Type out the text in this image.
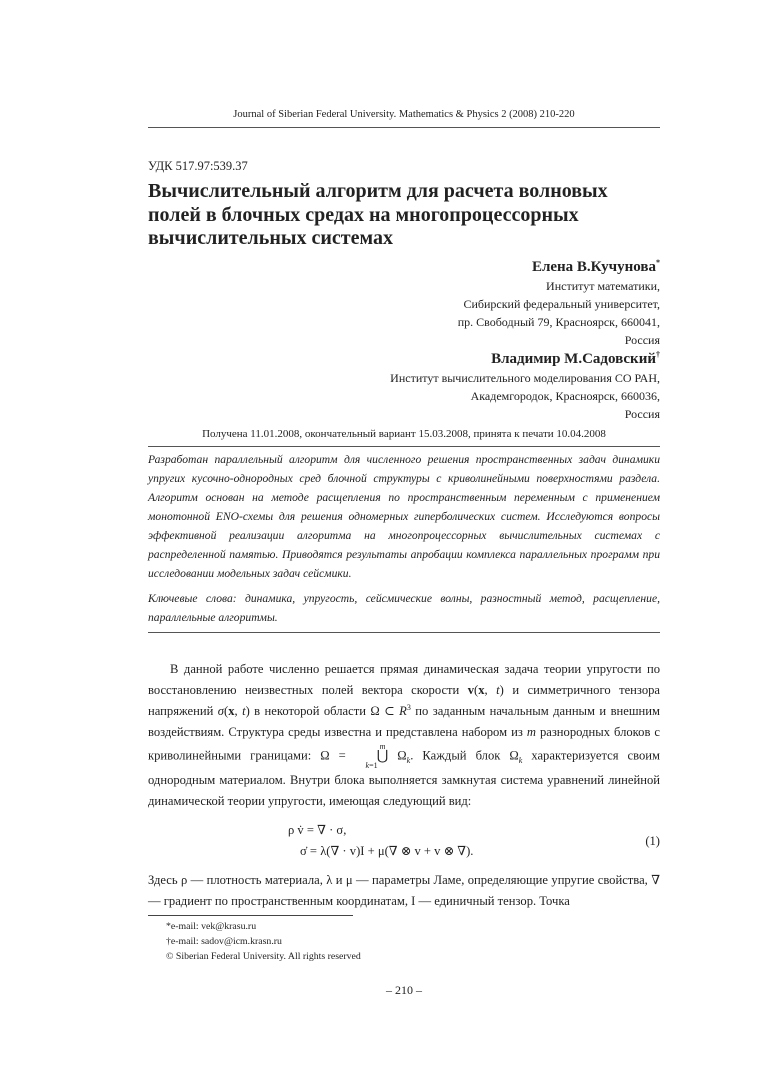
Journal of Siberian Federal University. Mathematics & Physics 2 (2008) 210-220
УДК 517.97:539.37
Вычислительный алгоритм для расчета волновых полей в блочных средах на многопроцессорных вычислительных системах
Елена В.Кучунова*
Институт математики,
Сибирский федеральный университет,
пр. Свободный 79, Красноярск, 660041,
Россия
Владимир М.Садовский†
Институт вычислительного моделирования СО РАН,
Академгородок, Красноярск, 660036,
Россия
Получена 11.01.2008, окончательный вариант 15.03.2008, принята к печати 10.04.2008
Разработан параллельный алгоритм для численного решения пространственных задач динамики упругих кусочно-однородных сред блочной структуры с криволинейными поверхностями раздела. Алгоритм основан на методе расщепления по пространственным переменным с применением монотонной ENO-схемы для решения одномерных гиперболических систем. Исследуются вопросы эффективной реализации алгоритма на многопроцессорных вычислительных системах с распределенной памятью. Приводятся результаты апробации комплекса параллельных программ при исследовании модельных задач сейсмики.
Ключевые слова: динамика, упругость, сейсмические волны, разностный метод, расщепление, параллельные алгоритмы.

В данной работе численно решается прямая динамическая задача теории упругости по восстановлению неизвестных полей вектора скорости v(x, t) и симметричного тензора напряжений σ(x, t) в некоторой области Ω ⊂ $R^3$ по заданным начальным данным и внешним воздействиям. Структура среды известна и представлена набором из m разнородных блоков с криволинейными границами: Ω = m
⋃
k=1 $\Omega_k$. Каждый блок $\Omega_k$ характеризуется своим однородным материалом. Внутри блока выполняется замкнутая система уравнений линейной динамической теории упругости, имеющая следующий вид:

ρ v̇ = ∇ · σ,
σ̇ = λ(∇ · v)I + μ(∇ ⊗ v + v ⊗ ∇).
(1)
Здесь ρ — плотность материала, λ и μ — параметры Ламе, определяющие упругие свойства, ∇ — градиент по пространственным координатам, I — единичный тензор. Точка
*e-mail: vek@krasu.ru
†e-mail: sadov@icm.krasn.ru
© Siberian Federal University. All rights reserved
– 210 –
